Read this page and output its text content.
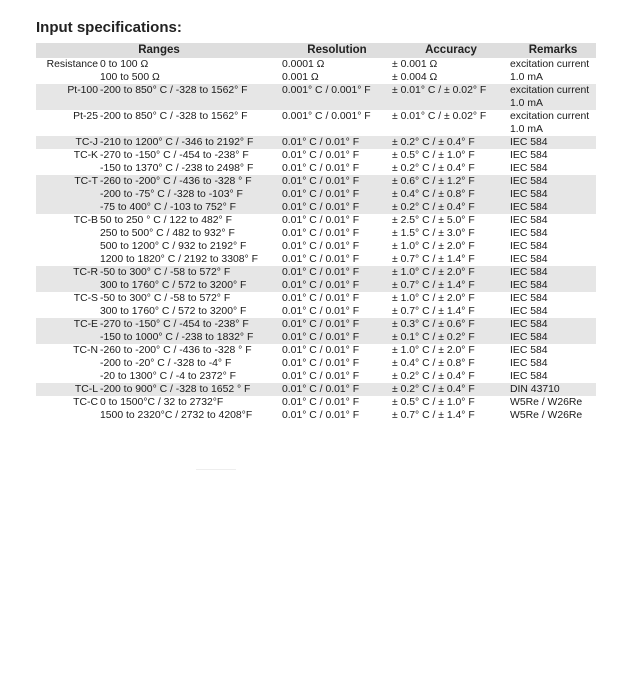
Input specifications:
Ranges		Resolution	Accuracy	Remarks
Resistance	0 to 100 Ω	0.0001 Ω	± 0.001 Ω	excitation current
	100 to 500 Ω	0.001 Ω	± 0.004 Ω	1.0 mA
Pt-100	-200 to 850° C / -328 to 1562° F	0.001° C / 0.001° F	± 0.01° C / ± 0.02° F	excitation current
				1.0 mA
Pt-25	-200 to 850° C / -328 to 1562° F	0.001° C / 0.001° F	± 0.01° C / ± 0.02° F	excitation current
				1.0 mA
TC-J	-210 to 1200° C / -346 to 2192° F	0.01° C / 0.01° F	± 0.2° C / ± 0.4° F	IEC 584
TC-K	-270 to -150° C / -454 to -238° F	0.01° C / 0.01° F	± 0.5° C / ± 1.0° F	IEC 584
	-150 to 1370° C / -238 to 2498° F	0.01° C / 0.01° F	± 0.2° C / ± 0.4° F	IEC 584
TC-T	-260 to -200° C / -436 to -328 ° F	0.01° C / 0.01° F	± 0.6° C / ± 1.2° F	IEC 584
	-200 to -75° C / -328 to -103° F	0.01° C / 0.01° F	± 0.4° C / ± 0.8° F	IEC 584
	-75 to 400° C / -103 to 752° F	0.01° C / 0.01° F	± 0.2° C / ± 0.4° F	IEC 584
TC-B	50 to 250 ° C / 122 to 482° F	0.01° C / 0.01° F	± 2.5° C / ± 5.0° F	IEC 584
	250 to 500° C / 482 to 932° F	0.01° C / 0.01° F	± 1.5° C / ± 3.0° F	IEC 584
	500 to 1200° C / 932 to 2192° F	0.01° C / 0.01° F	± 1.0° C / ± 2.0° F	IEC 584
	1200 to 1820° C / 2192 to 3308° F	0.01° C / 0.01° F	± 0.7° C / ± 1.4° F	IEC 584
TC-R	-50 to 300° C / -58 to 572° F	0.01° C / 0.01° F	± 1.0° C / ± 2.0° F	IEC 584
	300 to 1760° C / 572 to 3200° F	0.01° C / 0.01° F	± 0.7° C / ± 1.4° F	IEC 584
TC-S	-50 to 300° C / -58 to 572° F	0.01° C / 0.01° F	± 1.0° C / ± 2.0° F	IEC 584
	300 to 1760° C / 572 to 3200° F	0.01° C / 0.01° F	± 0.7° C / ± 1.4° F	IEC 584
TC-E	-270 to -150° C / -454 to -238° F	0.01° C / 0.01° F	± 0.3° C / ± 0.6° F	IEC 584
	-150 to 1000° C / -238 to 1832° F	0.01° C / 0.01° F	± 0.1° C / ± 0.2° F	IEC 584
TC-N	-260 to -200° C / -436 to -328 ° F	0.01° C / 0.01° F	± 1.0° C / ± 2.0° F	IEC 584
	-200 to -20° C / -328 to -4° F	0.01° C / 0.01° F	± 0.4° C / ± 0.8° F	IEC 584
	-20 to 1300° C / -4 to 2372° F	0.01° C / 0.01° F	± 0.2° C / ± 0.4° F	IEC 584
TC-L	-200 to 900° C / -328 to 1652 ° F	0.01° C / 0.01° F	± 0.2° C / ± 0.4° F	DIN 43710
TC-C	0 to 1500°C / 32 to 2732°F	0.01° C / 0.01° F	± 0.5° C / ± 1.0° F	W5Re / W26Re
	1500 to 2320°C / 2732 to 4208°F	0.01° C / 0.01° F	± 0.7° C / ± 1.4° F	W5Re / W26Re
